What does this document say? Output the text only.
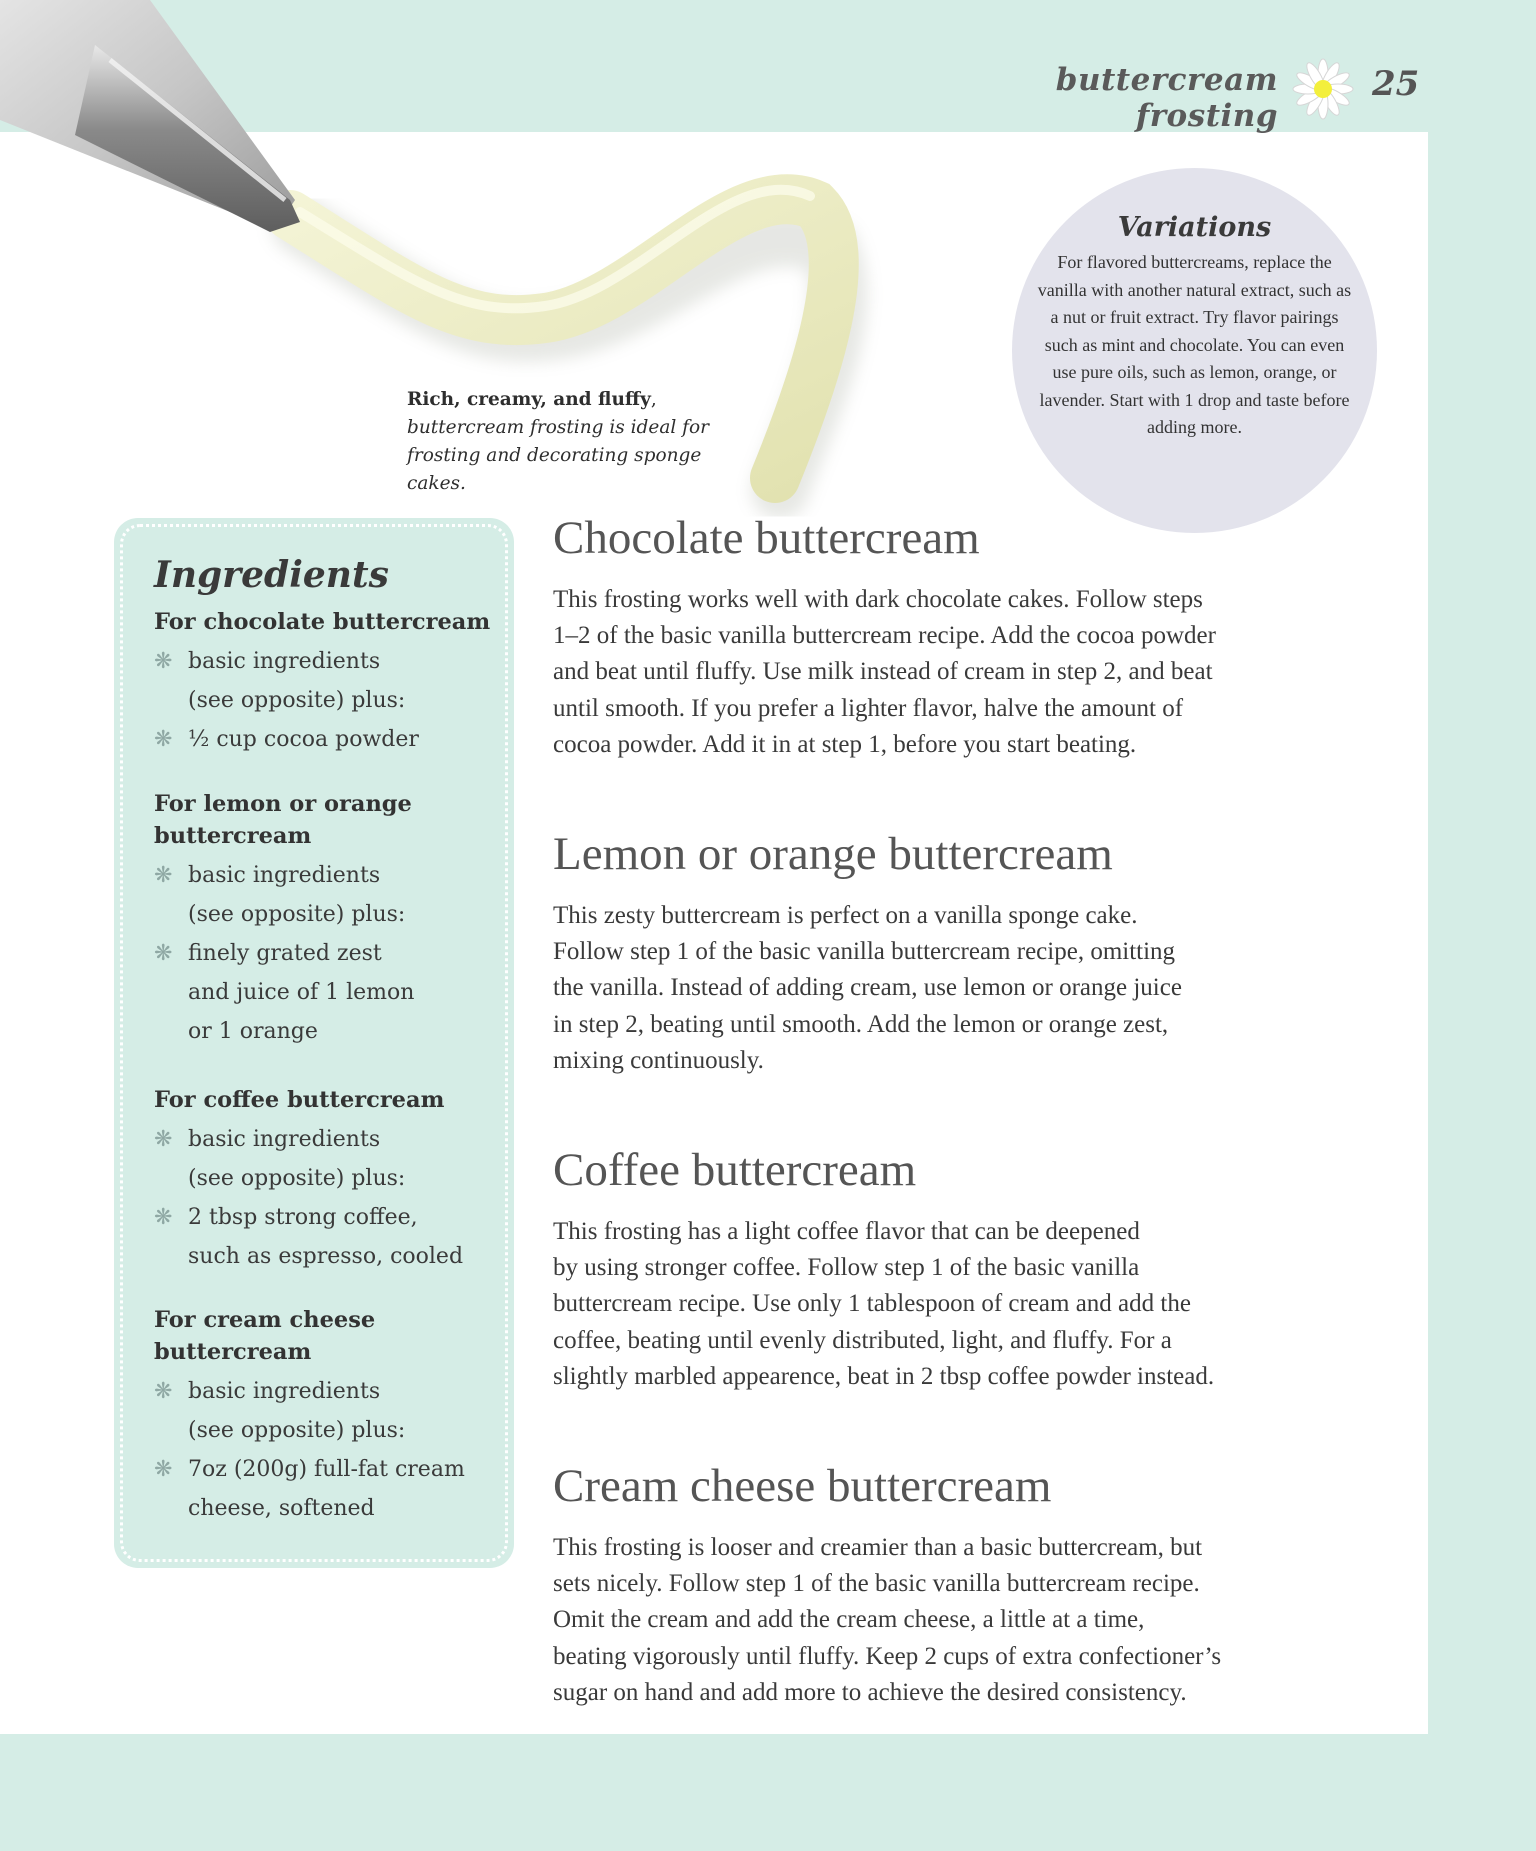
buttercream frosting
25
Rich, creamy, and fluffy, buttercream frosting is ideal for frosting and decorating sponge cakes.
Variations

For flavored buttercreams, replace the vanilla with another natural extract, such as a nut or fruit extract. Try flavor pairings such as mint and chocolate. You can even use pure oils, such as lemon, orange, or lavender. Start with 1 drop and taste before adding more.

Ingredients
For chocolate buttercream
❋ basic ingredients
(see opposite) plus:
❋ ½ cup cocoa powder
For lemon or orange buttercream
❋ basic ingredients
(see opposite) plus:
❋ finely grated zest
and juice of 1 lemon
or 1 orange
For coffee buttercream
❋ basic ingredients
(see opposite) plus:
❋ 2 tbsp strong coffee,
such as espresso, cooled
For cream cheese buttercream
❋ basic ingredients
(see opposite) plus:
❋ 7oz (200g) full-fat cream
cheese, softened
Chocolate buttercream

This frosting works well with dark chocolate cakes. Follow steps
1–2 of the basic vanilla buttercream recipe. Add the cocoa powder
and beat until fluffy. Use milk instead of cream in step 2, and beat
until smooth. If you prefer a lighter flavor, halve the amount of
cocoa powder. Add it in at step 1, before you start beating.

Lemon or orange buttercream

This zesty buttercream is perfect on a vanilla sponge cake.
Follow step 1 of the basic vanilla buttercream recipe, omitting
the vanilla. Instead of adding cream, use lemon or orange juice
in step 2, beating until smooth. Add the lemon or orange zest,
mixing continuously.

Coffee buttercream

This frosting has a light coffee flavor that can be deepened
by using stronger coffee. Follow step 1 of the basic vanilla
buttercream recipe. Use only 1 tablespoon of cream and add the
coffee, beating until evenly distributed, light, and fluffy. For a
slightly marbled appearence, beat in 2 tbsp coffee powder instead.

Cream cheese buttercream

This frosting is looser and creamier than a basic buttercream, but
sets nicely. Follow step 1 of the basic vanilla buttercream recipe.
Omit the cream and add the cream cheese, a little at a time,
beating vigorously until fluffy. Keep 2 cups of extra confectioner’s
sugar on hand and add more to achieve the desired consistency.
